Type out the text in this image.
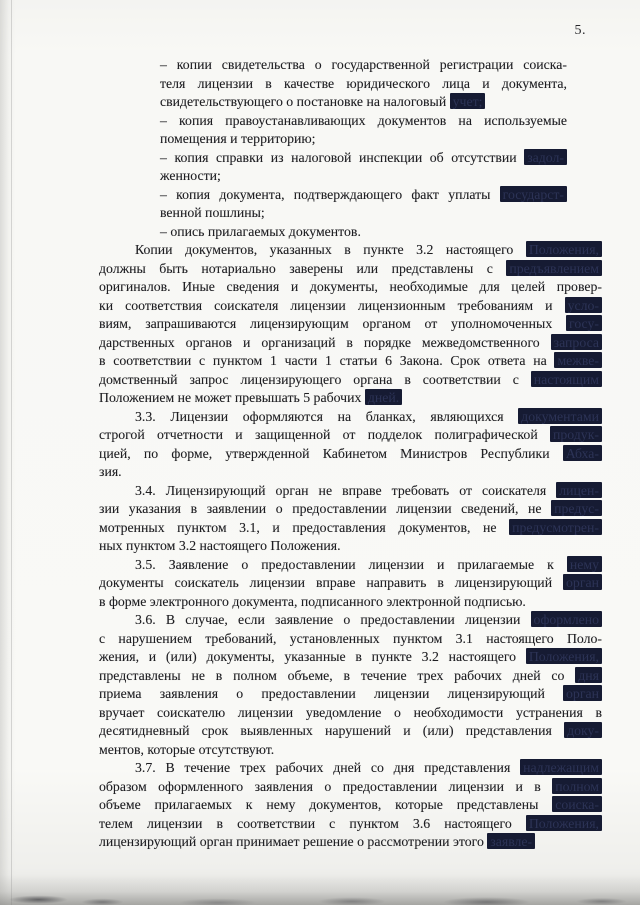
5.
– копии свидетельства о государственной регистрации соиска-
теля лицензии в качестве юридического лица и документа,
свидетельствующего о постановке на налоговый учет;
– копия правоустанавливающих документов на используемые
помещения и территорию;
– копия справки из налоговой инспекции об отсутствии задол-
женности;
– копия документа, подтверждающего факт уплаты государст-
венной пошлины;
– опись прилагаемых документов.
Копии документов, указанных в пункте 3.2 настоящего Положения,
должны быть нотариально заверены или представлены с предъявлением
оригиналов. Иные сведения и документы, необходимые для целей провер-
ки соответствия соискателя лицензии лицензионным требованиям и усло-
виям, запрашиваются лицензирующим органом от уполномоченных госу-
дарственных органов и организаций в порядке межведомственного запроса
в соответствии с пунктом 1 части 1 статьи 6 Закона. Срок ответа на межве-
домственный запрос лицензирующего органа в соответствии с настоящим
Положением не может превышать 5 рабочих дней.
3.3. Лицензии оформляются на бланках, являющихся документами
строгой отчетности и защищенной от подделок полиграфической продук-
цией, по форме, утвержденной Кабинетом Министров Республики Абха-
зия.
3.4. Лицензирующий орган не вправе требовать от соискателя лицен-
зии указания в заявлении о предоставлении лицензии сведений, не предус-
мотренных пунктом 3.1, и предоставления документов, не предусмотрен-
ных пунктом 3.2 настоящего Положения.
3.5. Заявление о предоставлении лицензии и прилагаемые к нему
документы соискатель лицензии вправе направить в лицензирующий орган
в форме электронного документа, подписанного электронной подписью.
3.6. В случае, если заявление о предоставлении лицензии оформлено
с нарушением требований, установленных пунктом 3.1 настоящего Поло-
жения, и (или) документы, указанные в пункте 3.2 настоящего Положения,
представлены не в полном объеме, в течение трех рабочих дней со дня
приема заявления о предоставлении лицензии лицензирующий орган
вручает соискателю лицензии уведомление о необходимости устранения в
десятидневный срок выявленных нарушений и (или) представления доку-
ментов, которые отсутствуют.
3.7. В течение трех рабочих дней со дня представления надлежащим
образом оформленного заявления о предоставлении лицензии и в полном
объеме прилагаемых к нему документов, которые представлены соиска-
телем лицензии в соответствии с пунктом 3.6 настоящего Положения,
лицензирующий орган принимает решение о рассмотрении этого заявле-
